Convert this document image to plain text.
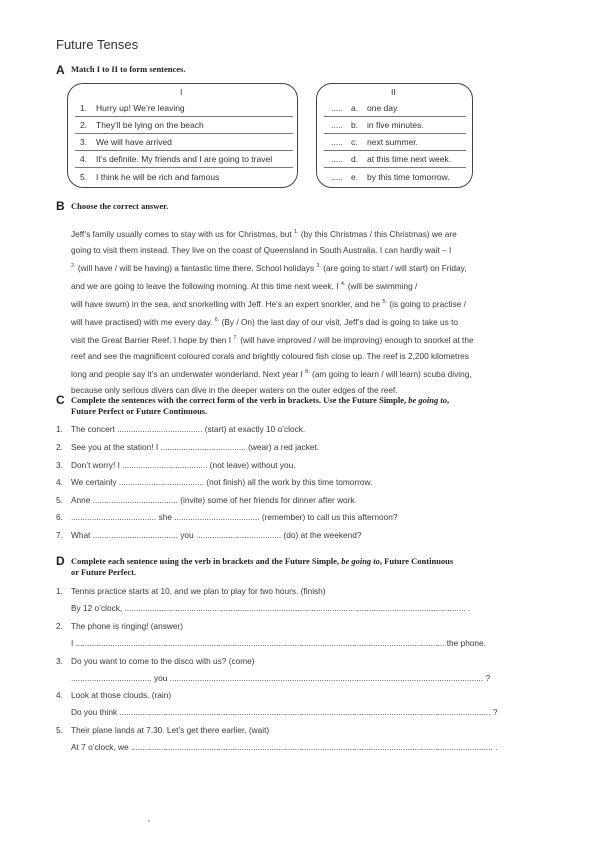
Future Tenses
A Match I to II to form sentences.
I	II
1. Hurry up! We’re leaving
2. They’ll be lying on the beach
3. We will have arrived
4. It’s definite. My friends and I are going to travel
5. I think he will be rich and famous
..... a. one day.
..... b. in five minutes.
..... c. next summer.
..... d. at this time next week.
..... e. by this time tomorrow.
B Choose the correct answer.
Jeff’s family usually comes to stay with us for Christmas, but $^{1.}$ (by this Christmas / this Christmas) we are
going to visit them instead. They live on the coast of Queensland in South Australia. I can hardly wait – I
$^{2.}$ (will have / will be having) a fantastic time there. School holidays $^{3.}$ (are going to start / will start) on Friday,
and we are going to leave the following morning. At this time next week, I $^{4.}$ (will be swimming /
will have swum) in the sea, and snorkelling with Jeff. He’s an expert snorkler, and he $^{5.}$ (is going to practise /
will have practised) with me every day. $^{6.}$ (By / On) the last day of our visit, Jeff’s dad is going to take us to
visit the Great Barrier Reef. I hope by then I $^{7.}$ (will have improved / will be improving) enough to snorkel at the
reef and see the magnificent coloured corals and brightly coloured fish close up. The reef is 2,200 kilometres
long and people say it’s an underwater wonderland. Next year I $^{8.}$ (am going to learn / will learn) scuba diving,
because only serious divers can dive in the deeper waters on the outer edges of the reef.
C Complete the sentences with the correct form of the verb in brackets. Use the Future Simple, be going to,
Future Perfect or Future Continuous.
1. The concert ..................................... (start) at exactly 10 o’clock.
2. See you at the station! I ..................................... (wear) a red jacket.
3. Don’t worry! I ..................................... (not leave) without you.
4. We certainly ..................................... (not finish) all the work by this time tomorrow.
5. Anne ..................................... (invite) some of her friends for dinner after work.
6. ..................................... she ..................................... (remember) to call us this afternoon?
7. What ..................................... you ..................................... (do) at the weekend?
D Complete each sentence using the verb in brackets and the Future Simple, be going to, Future Continuous
or Future Perfect.
1. Tennis practice starts at 10, and we plan to play for two hours. (finish)
By 12 o’clock, .................................................................................................................................................... .
2. The phone is ringing! (answer)
I ................................................................................................................................................................ the phone.
3. Do you want to come to the disco with us? (come)
................................... you ........................................................................................................................................ ?
4. Look at those clouds. (rain)
Do you think ................................................................................................................................................................. ?
5. Their plane lands at 7.30. Let’s get there earlier. (wait)
At 7 o’clock, we ............................................................................................................................................................. .
